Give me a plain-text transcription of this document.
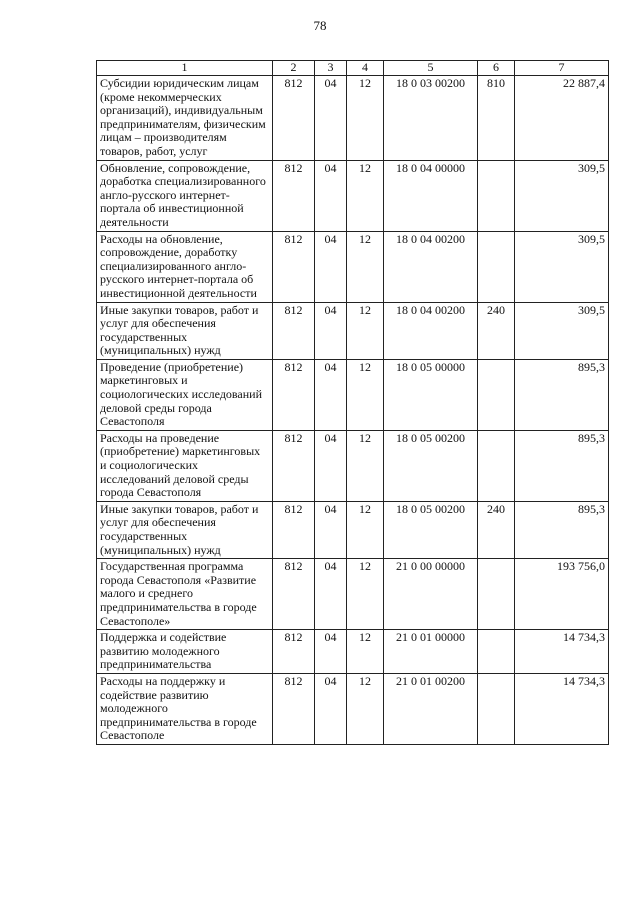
78
1	2	3	4	5	6	7
Субсидии юридическим лицам (кроме некоммерческих организаций), индивидуальным предпринимателям, физическим лицам – производителям товаров, работ, услуг	812	04	12	18 0 03 00200	810	22 887,4
Обновление, сопровождение, доработка специализированного англо-русского интернет-портала об инвестиционной деятельности	812	04	12	18 0 04 00000		309,5
Расходы на обновление, сопровождение, доработку специализированного англо-русского интернет-портала об инвестиционной деятельности	812	04	12	18 0 04 00200		309,5
Иные закупки товаров, работ и услуг для обеспечения государственных (муниципальных) нужд	812	04	12	18 0 04 00200	240	309,5
Проведение (приобретение) маркетинговых и социологических исследований деловой среды города Севастополя	812	04	12	18 0 05 00000		895,3
Расходы на проведение (приобретение) маркетинговых и социологических исследований деловой среды города Севастополя	812	04	12	18 0 05 00200		895,3
Иные закупки товаров, работ и услуг для обеспечения государственных (муниципальных) нужд	812	04	12	18 0 05 00200	240	895,3
Государственная программа города Севастополя «Развитие малого и среднего предпринимательства в городе Севастополе»	812	04	12	21 0 00 00000		193 756,0
Поддержка и содействие развитию молодежного предпринимательства	812	04	12	21 0 01 00000		14 734,3
Расходы на поддержку и содействие развитию молодежного предпринимательства в городе Севастополе	812	04	12	21 0 01 00200		14 734,3
